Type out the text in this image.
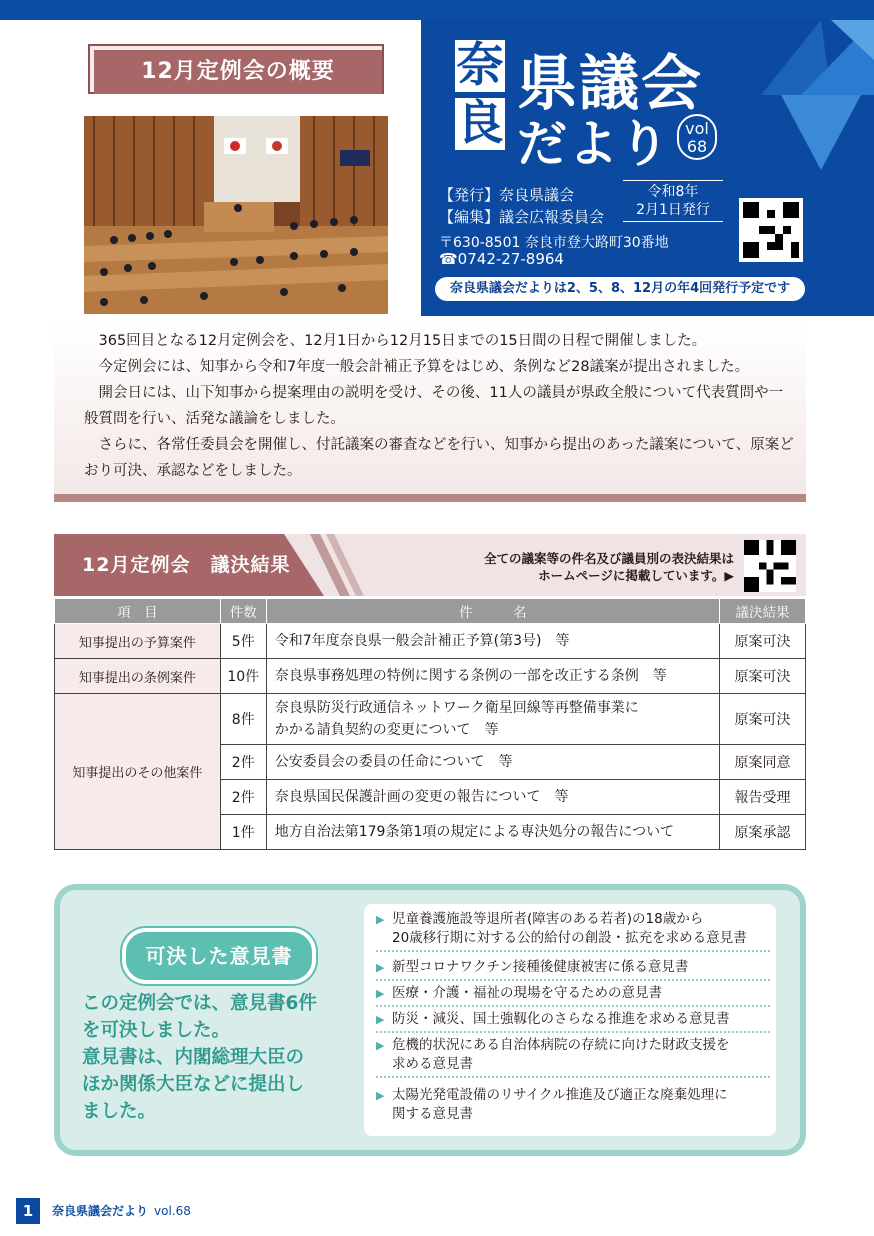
12月定例会の概要	奈
良
県議会
だより vol
68
【発行】奈良県議会
【編集】議会広報委員会
令和8年
2月1日発行
〒630-8501 奈良市登大路町30番地
☎0742-27-8964
奈良県議会だよりは2、5、8、12月の年4回発行予定です
365回目となる12月定例会を、12月1日から12月15日までの15日間の日程で開催しました。
今定例会には、知事から令和7年度一般会計補正予算をはじめ、条例など28議案が提出されました。
開会日には、山下知事から提案理由の説明を受け、その後、11人の議員が県政全般について代表質問や一般質問を行い、活発な議論をしました。
さらに、各常任委員会を開催し、付託議案の審査などを行い、知事から提出のあった議案について、原案どおり可決、承認などをしました。
12月定例会　議決結果	全ての議案等の件名及び議員別の表決結果は
ホームページに掲載しています。▶
項　目	件数	件　　　名	議決結果
知事提出の予算案件	5件	令和7年度奈良県一般会計補正予算(第3号)　等	原案可決
知事提出の条例案件	10件	奈良県事務処理の特例に関する条例の一部を改正する条例　等	原案可決
知事提出のその他案件	8件	奈良県防災行政通信ネットワーク衛星回線等再整備事業に
かかる請負契約の変更について　等	原案可決
	2件	公安委員会の委員の任命について　等	原案同意
	2件	奈良県国民保護計画の変更の報告について　等	報告受理
	1件	地方自治法第179条第1項の規定による専決処分の報告について	原案承認
可決した意見書
この定例会では、意見書6件
を可決しました。
意見書は、内閣総理大臣の
ほか関係大臣などに提出し
ました。
▶ 児童養護施設等退所者(障害のある若者)の18歳から
20歳移行期に対する公的給付の創設・拡充を求める意見書
▶ 新型コロナワクチン接種後健康被害に係る意見書
▶ 医療・介護・福祉の現場を守るための意見書
▶ 防災・減災、国土強靱化のさらなる推進を求める意見書
▶ 危機的状況にある自治体病院の存続に向けた財政支援を
求める意見書
▶ 太陽光発電設備のリサイクル推進及び適正な廃棄処理に
関する意見書
1	奈良県議会だより vol.68
